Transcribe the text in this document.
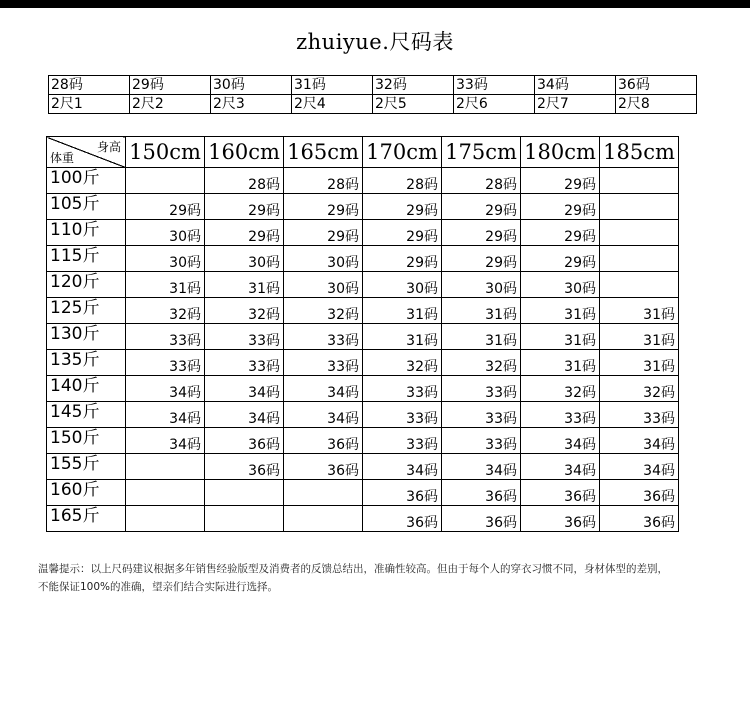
zhuiyue.尺码表
28码	29码	30码	31码	32码	33码	34码	36码
2尺1	2尺2	2尺3	2尺4	2尺5	2尺6	2尺7	2尺8
身高
体重	150cm	160cm	165cm	170cm	175cm	180cm	185cm
100斤		28码	28码	28码	28码	29码	
105斤	29码	29码	29码	29码	29码	29码	
110斤	30码	29码	29码	29码	29码	29码	
115斤	30码	30码	30码	29码	29码	29码	
120斤	31码	31码	30码	30码	30码	30码	
125斤	32码	32码	32码	31码	31码	31码	31码
130斤	33码	33码	33码	31码	31码	31码	31码
135斤	33码	33码	33码	32码	32码	31码	31码
140斤	34码	34码	34码	33码	33码	32码	32码
145斤	34码	34码	34码	33码	33码	33码	33码
150斤	34码	36码	36码	33码	33码	34码	34码
155斤		36码	36码	34码	34码	34码	34码
160斤				36码	36码	36码	36码
165斤				36码	36码	36码	36码
温馨提示：以上尺码建议根据多年销售经验版型及消费者的反馈总结出，准确性较高。但由于每个人的穿衣习惯不同，身材体型的差别，
不能保证100%的准确，望亲们结合实际进行选择。
